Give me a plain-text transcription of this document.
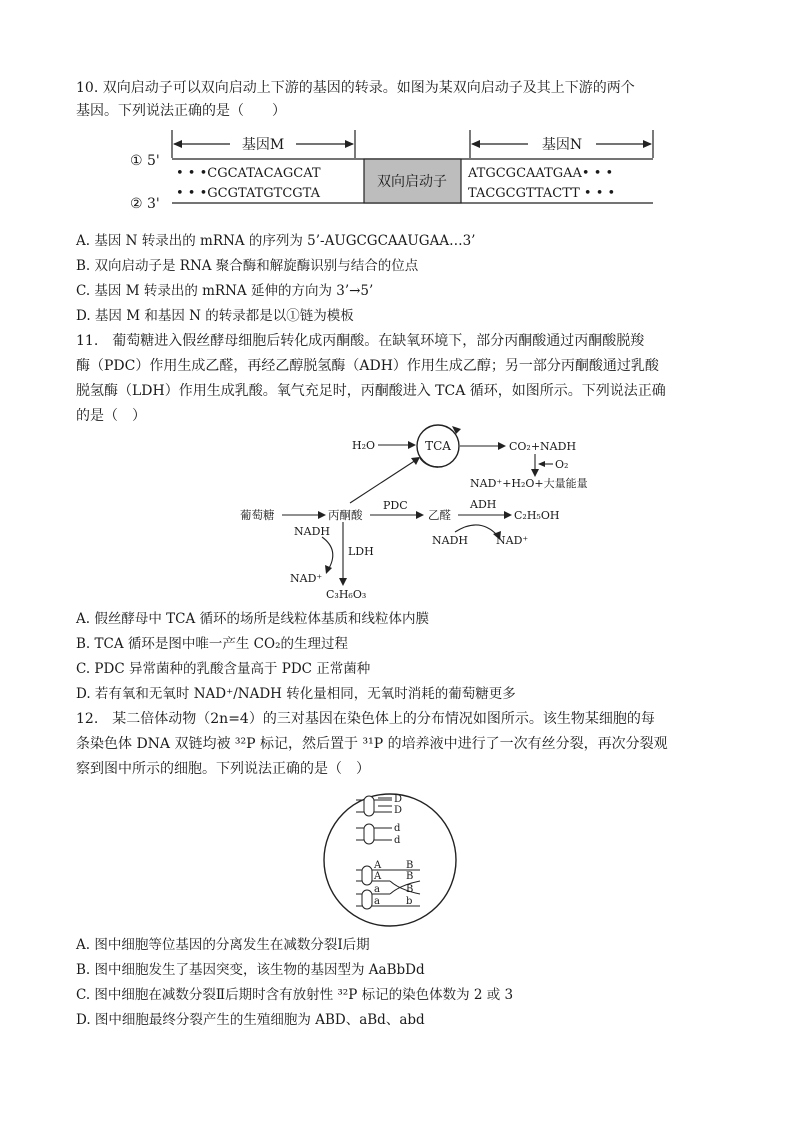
10. 双向启动子可以双向启动上下游的基因的转录。如图为某双向启动子及其上下游的两个
基因。下列说法正确的是（　　）
基因M	基因N
① 5'
② 3'
双向启动子
• • •CGCATACAGCAT
• • •GCGTATGTCGTA
ATGCGCAATGAA• • •
TACGCGTTACTT • • •
A. 基因 N 转录出的 mRNA 的序列为 5’-AUGCGCAAUGAA…3’
B. 双向启动子是 RNA 聚合酶和解旋酶识别与结合的位点
C. 基因 M 转录出的 mRNA 延伸的方向为 3’→5’
D. 基因 M 和基因 N 的转录都是以①链为模板
11.　葡萄糖进入假丝酵母细胞后转化成丙酮酸。在缺氧环境下，部分丙酮酸通过丙酮酸脱羧
酶（PDC）作用生成乙醛，再经乙醇脱氢酶（ADH）作用生成乙醇；另一部分丙酮酸通过乳酸
脱氢酶（LDH）作用生成乳酸。氧气充足时，丙酮酸进入 TCA 循环，如图所示。下列说法正确
的是（　）
TCA
H₂O	CO₂+NADH
O₂
NAD⁺+H₂O+大量能量
葡萄糖	丙酮酸
PDC
乙醛
ADH
C₂H₅OH
NADH	NAD⁺
LDH
NADH
NAD⁺
C₃H₆O₃
A. 假丝酵母中 TCA 循环的场所是线粒体基质和线粒体内膜
B. TCA 循环是图中唯一产生 CO₂的生理过程
C. PDC 异常菌种的乳酸含量高于 PDC 正常菌种
D. 若有氧和无氧时 NAD⁺/NADH 转化量相同，无氧时消耗的葡萄糖更多
12.　某二倍体动物（2n=4）的三对基因在染色体上的分布情况如图所示。该生物某细胞的每
条染色体 DNA 双链均被 ³²P 标记，然后置于 ³¹P 的培养液中进行了一次有丝分裂，再次分裂观
察到图中所示的细胞。下列说法正确的是（　）
D
D
d
d
A
A
B
B
a
a
B
b
A. 图中细胞等位基因的分离发生在减数分裂Ⅰ后期
B. 图中细胞发生了基因突变，该生物的基因型为 AaBbDd
C. 图中细胞在减数分裂Ⅱ后期时含有放射性 ³²P 标记的染色体数为 2 或 3
D. 图中细胞最终分裂产生的生殖细胞为 ABD、aBd、abd
